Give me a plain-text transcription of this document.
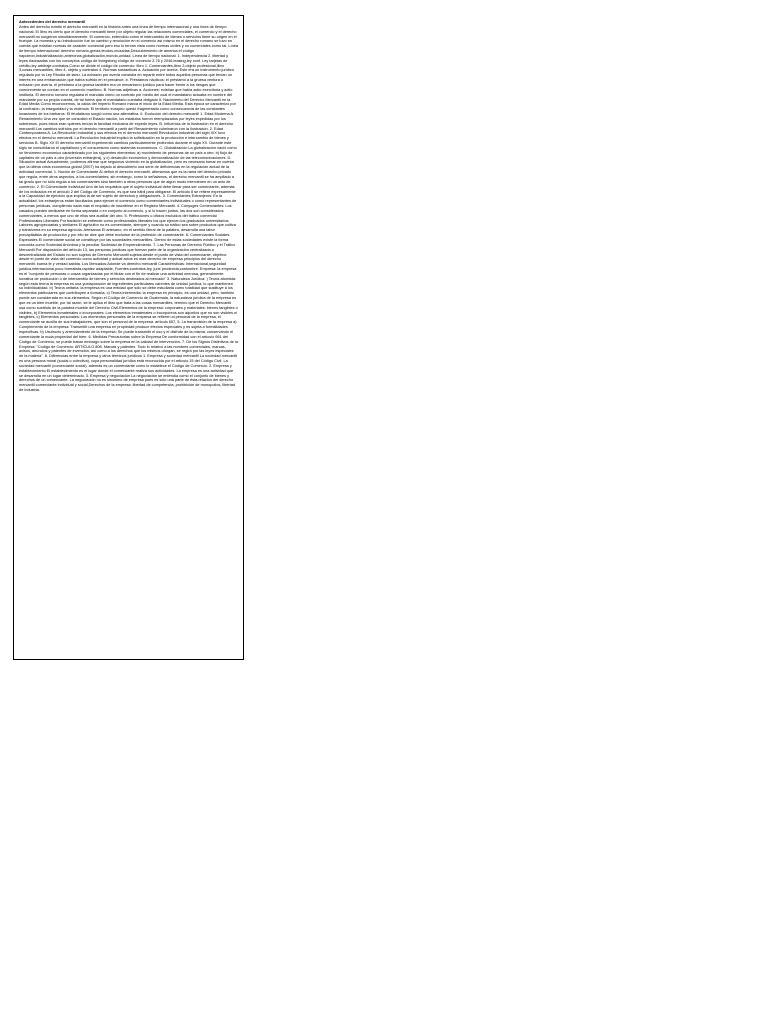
Antecedentes del derecho mercantil
Antes del derecho existió el derecho mercantil en la historia antes una línea de tiempo internacional y una línea de tiempo nacional: El libro es cierto que el derecho mercantil tiene por objeto regular las relaciones comerciales, el comercio y el derecho mercantil no surgieron simultáneamente. El comercio, entendido como el intercambio de bienes o servicios tiene su origen en el trueque. La moneda y su introducción fue un cambio y revolución en el comercio así mismo en el derecho romano se tuvo en cuenta que existían normas de carácter comercial pero eso lo tenían vista como normas civiles y no comerciales como tal. Línea de tiempo internacional: derecho romano,grecia,feudos,cruzadas,Descubrimiento de america,el código napoleon,Industrialización,anteronas,globalización,mundo,unidad. Línea de tiempo nacional: 1. Independencia 2. libertad y leyes rladosadas con los conceptos código de livingstong código de comercio 2-76 y 2046,leasing,ley conf. Ley tarjetas de crédito,ley arbitraje,contratos.Como se divide el código de comercio: libro 1. Comerciantes,libro 2,objeto profesional,libro 3,cosas mercantiles, libro 4, objeto y contratos 4. Normas sustantivas a. Actuación por avería. Este era un instrumento jurídico regulado por la Ley Rhodia de iactu. La echazón por avería consistía en repartir entre todos aquellos personas que tenían un interés en una embarcación que había sufrido en el percance. b. Préstamos náuticos: el préstamo a la gruesa ventura o echazón por avería, el préstamo a la gruesa también era un mecanismo jurídico para hacer frente a los riesgos que comúnmente se corrían en el comercio marítimo. B. Normas adjetivas a. Acciones: existían que había actio exercitoria y actio institoria. El derecho romano regulaba el mandato como un contrato por medio del cual el mandatario actuaba en nombre del mandante por su propia cuenta, de tal forma que el mandatario cuedaba obligado II. Nacimiento del Derecho Mercantil en la Edad Media Como reconocemos, la caída del Imperio Romano marca el inicio de la Edad Media. Esta época se caracterizó por la confusión, la inseguridad y la violencia. El territorio europeo quedó fragmentado como consecuencia de las constantes invasiones de los bárbaros. El feudalismo surgió como una alternativa. II. Evolución del derecho mercantil 1. Edad Moderna A. Renacimiento Una vez que se consolidó el Estado nación, los estatutos fueron reemplazados por leyes expedidas por los soberanos, pues éstos eran quienes tenían la facultad exclusiva de expedir leyes. B. Influencia de la Ilustración en el derecho mercantil Los cambios sufridos por el derecho mercantil a partir del Renacimiento culminaron con la Ilustración. 2. Edad Contemporánea A. La Revolución Industrial y sus efectos en el derecho mercantil Revolución Industrial del siglo XIX tuvo efectos en el derecho mercantil. La Revolución Industrial implicó la sofisticación en la producción e intercambio de bienes y servicios B. Siglo XX El derecho mercantil experimentó cambios particularmente profundos durante el siglo XX. Durante este siglo se consolidaron el capitalismo y el consumismo como sistemas económicos. C. Globalización La globalización nació como un fenómeno económico caracterizado por los siguientes elementos: a) movimiento de personas de un país a otro; b) flujo de capitales de un país a otro (inversión extranjera), y c) desarrollo económico y democratización de las telecomunicaciones. D. Situación actual Actualmente, podemos afirmar que seguimos viviendo en la globalización, pero es necesario tomar en cuenta que la última crisis económica global (2007) ha dejado al descubierto una serie de deficiencias en la regulación actual de la actividad comercial. 1. Noción de Comerciante Al definir el derecho mercantil, afirmamos que es la rama del derecho privado que regula, entre otros aspectos, a los comerciantes; sin embargo, como lo señalamos, el derecho mercantil se ha ampliado a tal grado que no sólo regula a los comerciantes sino también a otras personas que de algún modo intervienen en un acto de comercio. 2. El Comerciante Individual Uno de los requisitos que el sujeto individual debe llenar para ser comerciante, además de los indicados en el artículo 2 del Código de Comercio, es que sea hábil para obligarse. El artículo 8 se refiere expresamente a la Capacidad de ejercicio que implica la de ser sujeto de derechos y obligaciones. 3. Comerciantes Extranjeros: En la actualidad, los extranjeros están facultados para ejercer el comercio como comerciantes individuales o como representantes de personas jurídicas, cumpliendo nada más el requisito de inscribirse en el Registro Mercantil. 4. Cónyuges Comerciantes: Los casados pueden dedicarse en forma separada o en conjunto al comercio, y si lo hacen juntos, las dos son considerados comerciantes, a menos que uno de ellos sea auxiliar del otro. 5. Profesiones u oficios excluidos del tráfico comercial Profesionales Liberales Por tradición se entiende como profesionales liberales los que ejercen los graduados universitarios. Labores agropecuarias y similares El agricultor no es comerciante, siempre y cuando su tráfico sea sobre productos que cultiva y transforma en su empresa agrícola. Artesanos El artesano, en el sentido literal de la palabra, desarrolla una labor precapitalista de producción y por ello se dice que debe excluirse de la profesión de comerciante. 6. Comerciantes Sociales Especiales El comerciante social se constituye por las sociedades mercantiles. Dentro de estas sociedades existe la forma conocida como Sociedad Anónima y la peculiar Sociedad de Emprendimiento. 7. Las Personas de Derecho Público y el Tráfico Mercantil Por disposición del artículo 13, las personas jurídicas que forman parte de la organización centralizada o descentralizada del Estado no son sujetos de Derecho Mercantil sujetos:desde el punto de vista del comerciante, objetivo: desde el punto de vista del comercio como actividad y actual actos en mas derecho de empresa principios del derecho mercantil: buena fe y verdad sabida. Los Mercados:Adonde va derecho mercantil Características: Internacional,seguridad juridica,internacional,poco formalista,rapidez adaptable, Fuentes:contratos,ley, juris´prudencia,costumbre. Empresa: la empresa es el "conjunto de personas o cosas organizadas por el titular con el fin de realizar una actividad onerosa, generalmente lucrativa de producción o de intercambio de bienes y servicios destinados al mercado" 3. Naturaleza Jurídica: ) Teoría atomista: según esta teoría la empresa es una yuxtaposición de ingredientes particulares carentes de unidad jurídica, lo que mantienen su individualidad. b) Teoría unitaria: la empresa es una entidad que sólo se debe estudiarla como totalidad que sustituye a los elementos particulares que contribuyen a formarla. c) Teoría intermedia: la empresa en principio, es una unidad, pero, también puede ser considerada en sus elementos. Según el Código de Comercio de Guatemala, la naturaleza jurídica de la empresa es que es un bien mueble, por tal razón, se le aplica el libro que trata a las cosas mercantiles, término que el Derecho Mercantil usa como sustituto de la palabra mueble del Derecho Civil.Elementos de la empresa: corporales y materiales: bienes tangibles o visibles, b) Elementos inmateriales o incorporales: Los elementos inmateriales o incorpóreos son aquellos que no son visibles ni tangibles, c) Elementos personales: Los elementos personales de la empresa se refieren al personal de la empresa, el comerciante se auxilia de sus trabajadores, que son el personal de la empresa. artículo 657, 5. La transmisión de la empresa a) Complemento de la empresa: Transmitir una empresa en propiedad produce efectos especiales y es sujeta a formalidades específicas. b) Usufructo y arrendamiento de la empresa: Se puede transmitir el uso y el disfrute de la misma, conservando el comerciante la nuda propiedad del bien. 6. Medidas Precautorias sobre la Empresa De conformidad con el artículo 661 del Código de Comercio, se puede trabar embargo sobre la empresa en la calidad de intervención. 7. De los Signos Distintivos de la Empresa: "Código de Comercio: ARTÍCULO 808. Marcas y patentes. Todo lo relativo a las nombres comerciales, marcas, avisos, anuncios y patentes de invención, así como a los derechos que los mismos otorgan, se regirá por las leyes especiales de la materia". 8. Diferencias entre la empresa y otros términos jurídicos 1. Empresa y sociedad mercantil La sociedad mercantil es una persona moral (social o colectiva), cuya personalidad jurídica está reconocida por el artículo 15 del Código Civil. La sociedad mercantil (comerciante social), además es un comerciante como lo establece el Código de Comercio. 2. Empresa y establecimiento El establecimiento es el lugar donde el comerciante realiza sus actividades. La empresa es una actividad que se desarrolla en un lugar determinado. 3. Empresa y negociación La negociación se entendía como el conjunto de bienes y derechos de un comerciante. La negociación no es sinónimo de empresa pues es sólo una parte de ésta.relacion del derecho mercantil comerciante individual y social,Derechos de la empresa: libertad de competencia, prohibición de monopolios, libertad de industria.
